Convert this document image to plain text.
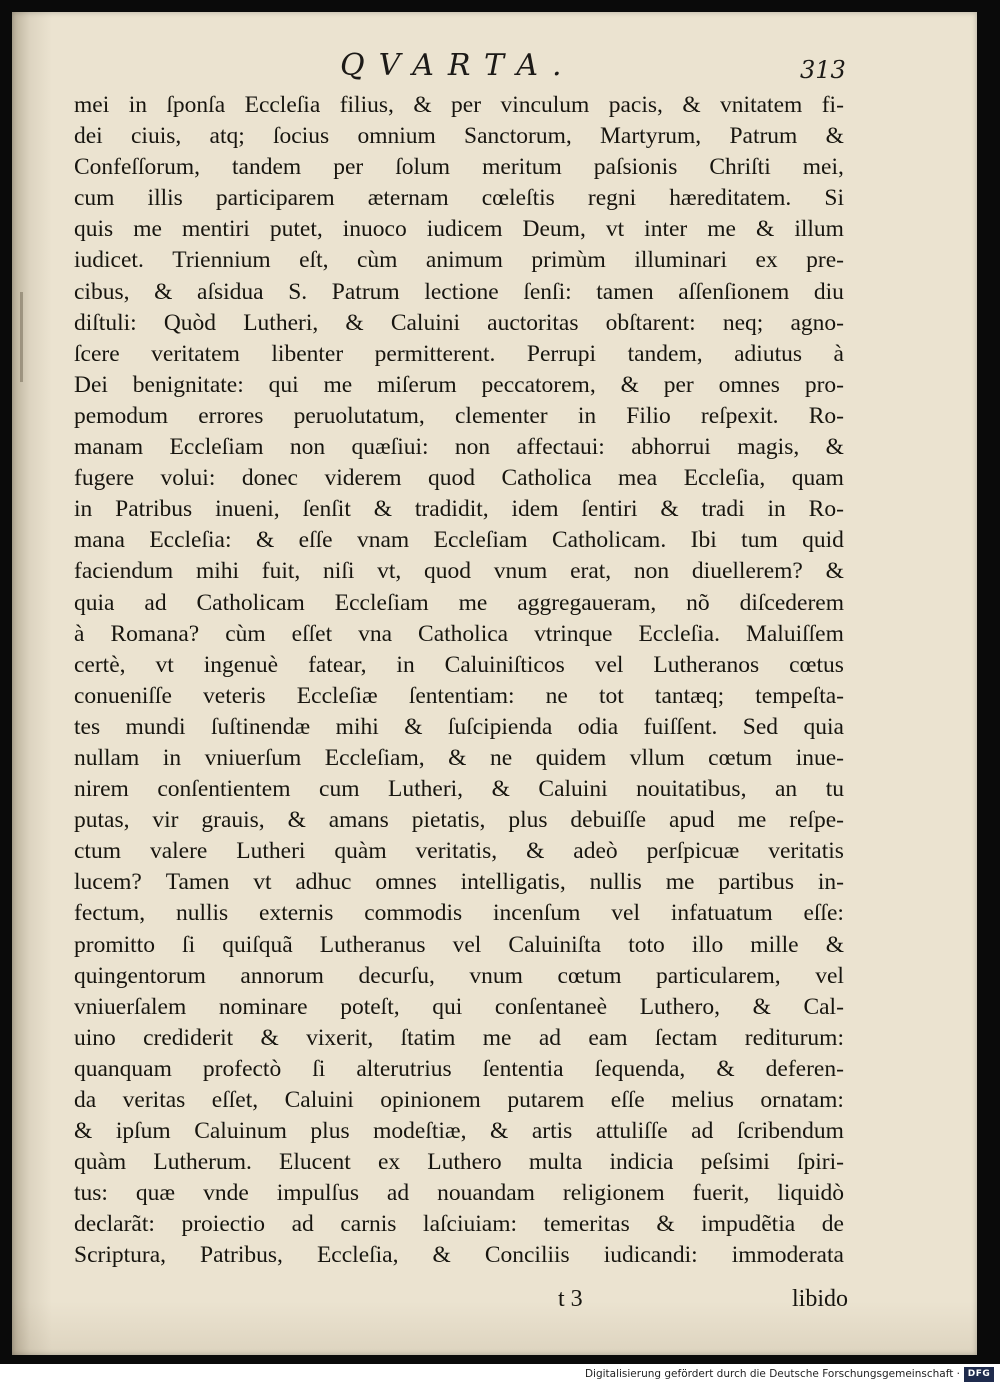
QVARTA.	313
mei in ſponſa Eccleſia filius, & per vinculum pacis, & vnitatem fi-
dei ciuis, atq; ſocius omnium Sanctorum, Martyrum, Patrum &
Confeſſorum, tandem per ſolum meritum paſsionis Chriſti mei,
cum illis participarem æternam cœleſtis regni hæreditatem. Si
quis me mentiri putet, inuoco iudicem Deum, vt inter me & illum
iudicet. Triennium eſt, cùm animum primùm illuminari ex pre-
cibus, & aſsidua S. Patrum lectione ſenſi: tamen aſſenſionem diu
diſtuli: Quòd Lutheri, & Caluini auctoritas obſtarent: neq; agno-
ſcere veritatem libenter permitterent. Perrupi tandem, adiutus à
Dei benignitate: qui me miſerum peccatorem, & per omnes pro-
pemodum errores peruolutatum, clementer in Filio reſpexit. Ro-
manam Eccleſiam non quæſiui: non affectaui: abhorrui magis, &
fugere volui: donec viderem quod Catholica mea Eccleſia, quam
in Patribus inueni, ſenſit & tradidit, idem ſentiri & tradi in Ro-
mana Eccleſia: & eſſe vnam Eccleſiam Catholicam. Ibi tum quid
faciendum mihi fuit, niſi vt, quod vnum erat, non diuellerem? &
quia ad Catholicam Eccleſiam me aggregaueram, nõ diſcederem
à Romana? cùm eſſet vna Catholica vtrinque Eccleſia. Maluiſſem
certè, vt ingenuè fatear, in Caluiniſticos vel Lutheranos cœtus
conueniſſe veteris Eccleſiæ ſententiam: ne tot tantæq; tempeſta-
tes mundi ſuſtinendæ mihi & ſuſcipienda odia fuiſſent. Sed quia
nullam in vniuerſum Eccleſiam, & ne quidem vllum cœtum inue-
nirem conſentientem cum Lutheri, & Caluini nouitatibus, an tu
putas, vir grauis, & amans pietatis, plus debuiſſe apud me reſpe-
ctum valere Lutheri quàm veritatis, & adeò perſpicuæ veritatis
lucem? Tamen vt adhuc omnes intelligatis, nullis me partibus in-
fectum, nullis externis commodis incenſum vel infatuatum eſſe:
promitto ſi quiſquã Lutheranus vel Caluiniſta toto illo mille &
quingentorum annorum decurſu, vnum cœtum particularem, vel
vniuerſalem nominare poteſt, qui conſentaneè Luthero, & Cal-
uino crediderit & vixerit, ſtatim me ad eam ſectam rediturum:
quanquam profectò ſi alterutrius ſententia ſequenda, & deferen-
da veritas eſſet, Caluini opinionem putarem eſſe melius ornatam:
& ipſum Caluinum plus modeſtiæ, & artis attuliſſe ad ſcribendum
quàm Lutherum. Elucent ex Luthero multa indicia peſsimi ſpiri-
tus: quæ vnde impulſus ad nouandam religionem fuerit, liquidò
declarãt: proiectio ad carnis laſciuiam: temeritas & impudẽtia de
Scriptura, Patribus, Eccleſia, & Conciliis iudicandi: immoderata
t 3	libido
Digitalisierung gefördert durch die Deutsche Forschungsgemeinschaft · DFG
